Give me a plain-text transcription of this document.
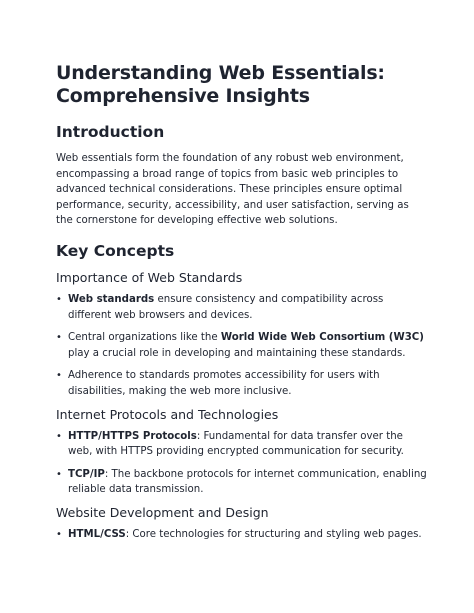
Understanding Web Essentials:
Comprehensive Insights
Introduction

Web essentials form the foundation of any robust web environment, encompassing a broad range of topics from basic web principles to advanced technical considerations. These principles ensure optimal performance, security, accessibility, and user satisfaction, serving as the cornerstone for developing effective web solutions.

Key Concepts
Importance of Web Standards
• Web standards ensure consistency and compatibility across different web browsers and devices.
• Central organizations like the World Wide Web Consortium (W3C) play a crucial role in developing and maintaining these standards.
• Adherence to standards promotes accessibility for users with disabilities, making the web more inclusive.
Internet Protocols and Technologies
• HTTP/HTTPS Protocols: Fundamental for data transfer over the web, with HTTPS providing encrypted communication for security.
• TCP/IP: The backbone protocols for internet communication, enabling reliable data transmission.
Website Development and Design
• HTML/CSS: Core technologies for structuring and styling web pages.
